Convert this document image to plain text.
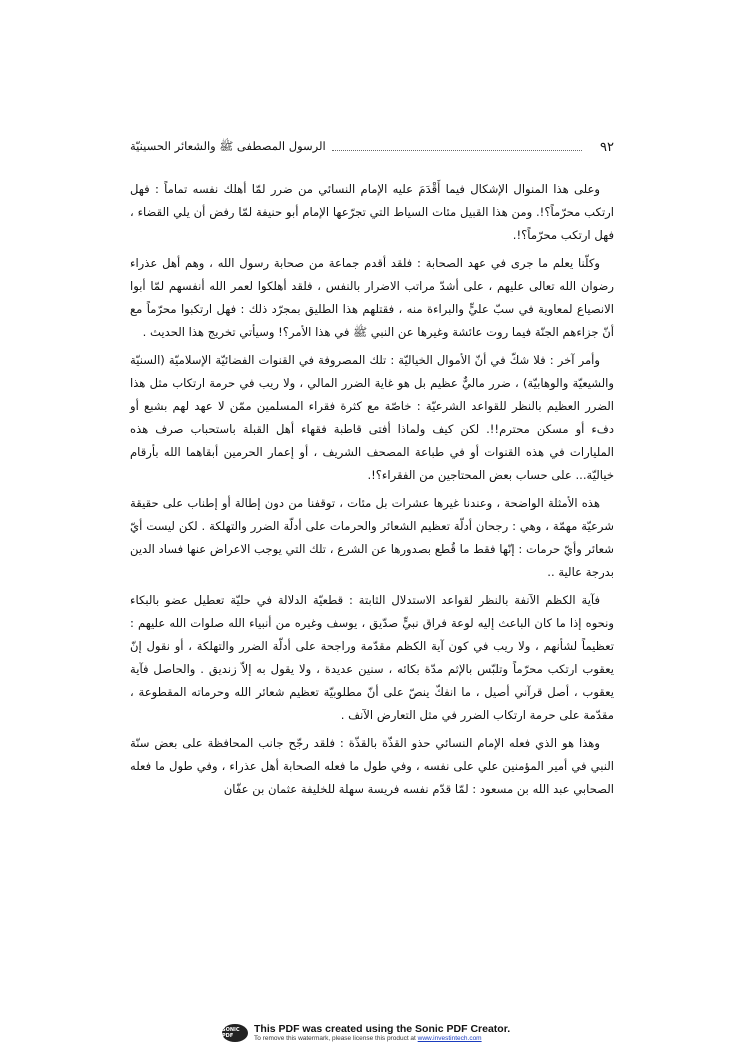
٩٢
الرسول المصطفى ﷺ والشعائر الحسينيّة

وعلى هذا المنوال الإشكال فيما أَقْدَمَ عليه الإمام النسائي من ضرر لمّا أهلك نفسه تماماً : فهل ارتكب محرّماً؟!. ومن هذا القبيل مئات السياط التي تجرّعها الإمام أبو حنيفة لمّا رفض أن يلي القضاء ، فهل ارتكب محرّماً؟!.

وكلّنا يعلم ما جرى في عهد الصحابة : فلقد أقدم جماعة من صحابة رسول الله ، وهم أهل عذراء رضوان الله تعالى عليهم ، على أشدّ مراتب الاضرار بالنفس ، فلقد أهلكوا لعمر الله أنفسهم لمّا أبوا الانصياع لمعاوية في سبّ عليٍّ والبراءة منه ، فقتلهم هذا الطليق بمجرّد ذلك : فهل ارتكبوا محرّماً مع أنّ جزاءهم الجنّة فيما روت عائشة وغيرها عن النبي ﷺ في هذا الأمر؟! وسيأتي تخريج هذا الحديث .

وأمر آخر : فلا شكّ في أنّ الأموال الخياليّة : تلك المصروفة في القنوات الفضائيّة الإسلاميّة (السنيّة والشيعيّة والوهابيّة) ، ضرر ماليٌّ عظيم بل هو غاية الضرر المالي ، ولا ريب في حرمة ارتكاب مثل هذا الضرر العظيم بالنظر للقواعد الشرعيّة : خاصّة مع كثرة فقراء المسلمين ممّن لا عهد لهم بشبع أو دفء أو مسكن محترم!!. لكن كيف ولماذا أفتى قاطبة فقهاء أهل القبلة باستحباب صرف هذه المليارات في هذه القنوات أو في طباعة المصحف الشريف ، أو إعمار الحرمين أبقاهما الله بأرقام خياليّة... على حساب بعض المحتاجين من الفقراء؟!.

هذه الأمثلة الواضحة ، وعندنا غيرها عشرات بل مئات ، توقفنا من دون إطالة أو إطناب على حقيقة شرعيّة مهمّة ، وهي : رجحان أدلّة تعظيم الشعائر والحرمات على أدلّة الضرر والتهلكة . لكن ليست أيّ شعائر وأيّ حرمات : إنّها فقط ما قُطع بصدورها عن الشرع ، تلك التي يوجب الاعراض عنها فساد الدين بدرجة عالية ..

فآية الكظم الآنفة بالنظر لقواعد الاستدلال الثابتة : قطعيّة الدلالة في حليّة تعطيل عضو بالبكاء ونحوه إذا ما كان الباعث إليه لوعة فراق نبيٍّ صدّيق ، يوسف وغيره من أنبياء الله صلوات الله عليهم : تعظيماً لشأنهم ، ولا ريب في كون آية الكظم مقدّمة وراجحة على أدلّة الضرر والتهلكة ، أو نقول إنّ يعقوب ارتكب محرّماً وتلبّس بالإثم مدّة بكائه ، سنين عديدة ، ولا يقول به إلاّ زنديق . والحاصل فآية يعقوب ، أصل قرآني أصيل ، ما انفكّ ينصّ على أنّ مطلوبيّة تعظيم شعائر الله وحرماته المقطوعة ، مقدّمة على حرمة ارتكاب الضرر في مثل التعارض الآنف .

وهذا هو الذي فعله الإمام النسائي حذو القذّة بالقذّة : فلقد رجّح جانب المحافظة على بعض سنّة النبي في أمير المؤمنين علي على نفسه ، وفي طول ما فعله الصحابة أهل عذراء ، وفي طول ما فعله الصحابي عبد الله بن مسعود : لمّا قدّم نفسه فريسة سهلة للخليفة عثمان بن عفّان

SONIC PDF
This PDF was created using the Sonic PDF Creator.
To remove this watermark, please license this product at www.investintech.com
